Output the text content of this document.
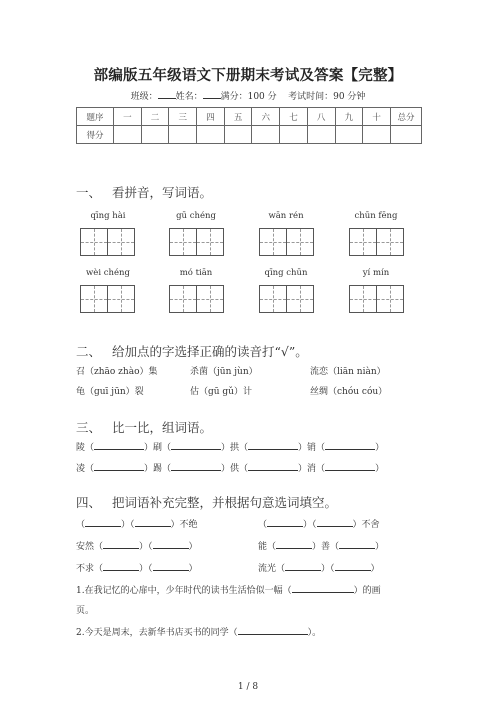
部编版五年级语文下册期末考试及答案【完整】
班级： 姓名： 满分：100 分 考试时间：90 分钟
题序	一	二	三	四	五	六	七	八	九	十	总分
得分											
一、 看拼音，写词语。
qīng hài	gū chéng	wān rén	chūn fēng
wèi chéng	mó tiān	qīng chūn	yí mín
二、 给加点的字选择正确的读音打“√”。
召（zhāo zhào）集	杀菌（jūn jùn）	流恋（liān niàn）
龟（guī jūn）裂	估（gū gǔ）计	丝绸（chóu cóu）
三、 比一比，组词语。
陵（	）刷（	）拱（	）销（	）
凌（	）踢（	）供（	）消（	）
四、 把词语补充完整，并根据句意选词填空。
（	）（	）不绝	（	）（	）不舍
安然（	）（	）	能（	）善（	）
不求（	）（	）	流光（	）（	）
1.在我记忆的心扉中，少年时代的读书生活恰似一幅（	）的画
页。
2.今天是周末，去新华书店买书的同学（	）。
1 / 8
